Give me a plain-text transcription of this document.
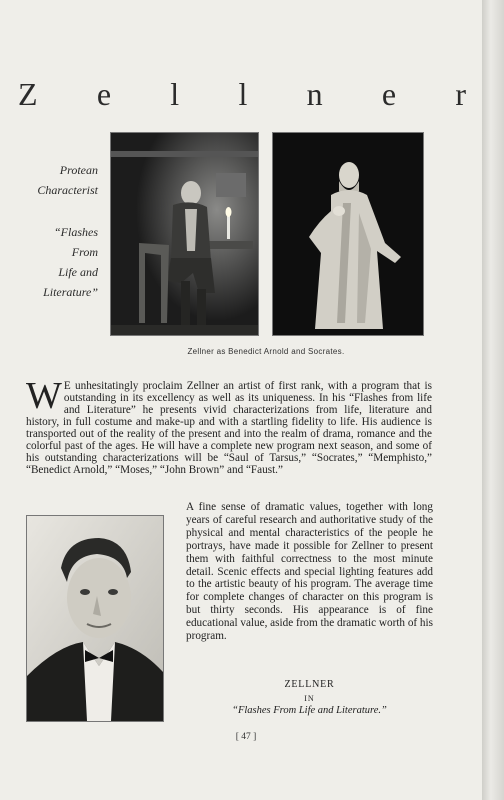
Z e l l n e r
Protean
Characterist
“Flashes
From
Life and
Literature”
Zellner as Benedict Arnold and Socrates.
W E unhesitatingly proclaim Zellner an artist of first rank, with a program that is outstanding in its excellency as well as its uniqueness. In his “Flashes from life and Literature” he presents vivid characterizations from life, literature and history, in full costume and make-up and with a startling fidelity to life. His audience is transported out of the reality of the present and into the realm of drama, romance and the colorful past of the ages. He will have a complete new program next season, and some of his outstanding characterizations will be “Saul of Tarsus,” “Socrates,” “Memphisto,” “Benedict Arnold,” “Moses,” “John Brown” and “Faust.”
A fine sense of dramatic values, together with long years of careful research and authoritative study of the physical and mental characteristics of the people he portrays, have made it possible for Zellner to present them with faithful correctness to the most minute detail. Scenic effects and special lighting features add to the artistic beauty of his program. The average time for complete changes of character on this program is but thirty seconds. His appearance is of fine educational value, aside from the dramatic worth of his program.
ZELLNER
IN
“Flashes From Life and Literature.”
[ 47 ]
